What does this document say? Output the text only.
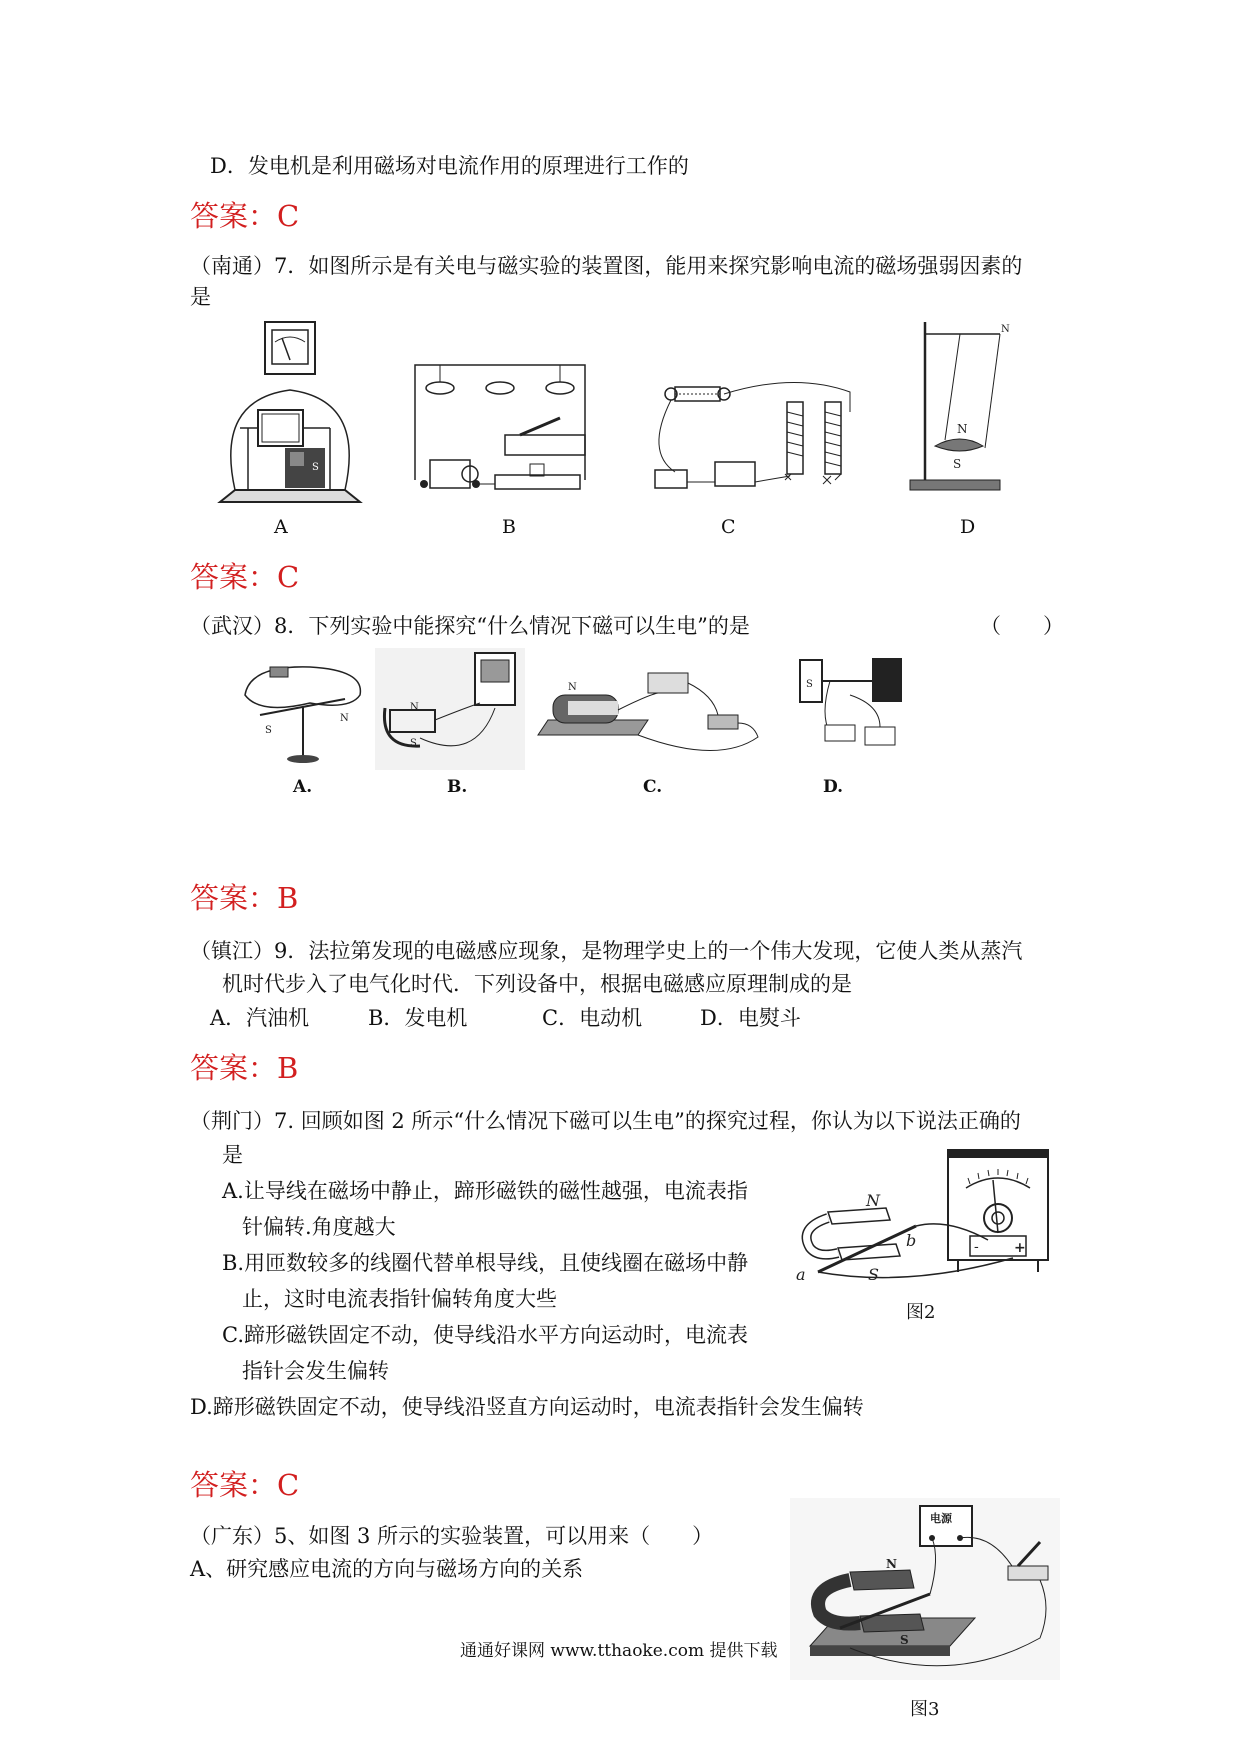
D．发电机是利用磁场对电流作用的原理进行工作的
答案：C
（南通）7．如图所示是有关电与磁实验的装置图，能用来探究影响电流的磁场强弱因素的
是
S
A	B	C
N
N
S
D
答案：C
（武汉）8．下列实验中能探究“什么情况下磁可以生电”的是	（　　）
S
N
A.
N
S
B.
N
C.
S
D.
答案：B
（镇江）9．法拉第发现的电磁感应现象，是物理学史上的一个伟大发现，它使人类从蒸汽
机时代步入了电气化时代．下列设备中，根据电磁感应原理制成的是
A．汽油机	B．发电机	C．电动机	D．电熨斗
答案：B
（荆门）7. 回顾如图 2 所示“什么情况下磁可以生电”的探究过程，你认为以下说法正确的
是
A.让导线在磁场中静止，蹄形磁铁的磁性越强，电流表指
针偏转.角度越大
B.用匝数较多的线圈代替单根导线，且使线圈在磁场中静
止，这时电流表指针偏转角度大些
C.蹄形磁铁固定不动，使导线沿水平方向运动时，电流表
指针会发生偏转
D.蹄形磁铁固定不动，使导线沿竖直方向运动时，电流表指针会发生偏转
-	+
N
S
a
b
图2
答案：C
（广东）5、如图 3 所示的实验装置，可以用来（　　）
A、研究感应电流的方向与磁场方向的关系
电源
N
S
图3
通通好课网 www.tthaoke.com 提供下载
